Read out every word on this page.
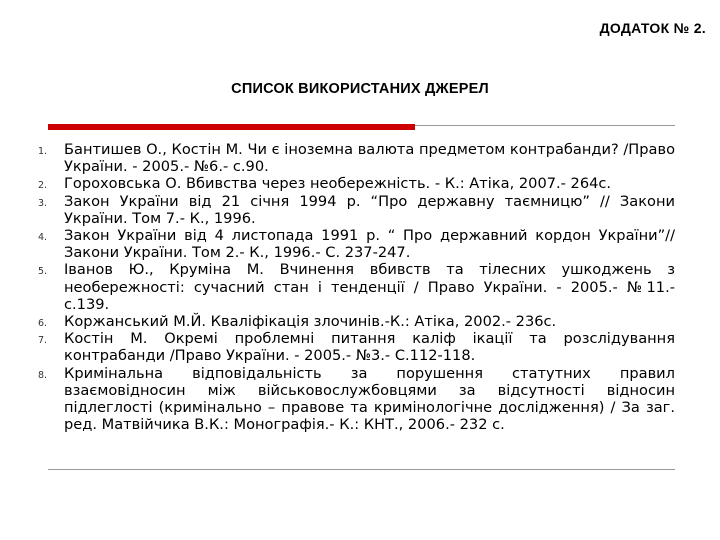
ДОДАТОК № 2.
СПИСОК ВИКОРИСТАНИХ ДЖЕРЕЛ
1.	Бантишев О., Костін М. Чи є іноземна валюта предметом контрабанди? /Право України. - 2005.- №6.- с.90.
2.	Гороховська О. Вбивства через необережність. - К.: Атіка, 2007.- 264с.
3.	Закон України від 21 січня 1994 р. “Про державну таємницю” // Закони України. Том 7.- К., 1996.
4.	Закон України від 4 листопада 1991 р. “ Про державний кордон України”// Закони України. Том 2.- К., 1996.- С. 237-247.
5.	Іванов Ю., Круміна М. Вчинення вбивств та тілесних ушкоджень з необережності: сучасний стан і тенденції / Право України. - 2005.- №11.- с.139.
6.	Коржанський М.Й. Кваліфікація злочинів.-К.: Атіка, 2002.- 236с.
7.	Костін М. Окремі проблемні питання каліф ікації та розслідування контрабанди /Право України. - 2005.- №3.- С.112-118.
8.	Кримінальна відповідальність за порушення статутних правил взаємовідносин між військовослужбовцями за відсутності відносин підлеглості (кримінально – правове та кримінологічне дослідження) / За заг. ред. Матвійчика В.К.: Монографія.- К.: КНТ., 2006.- 232 с.
